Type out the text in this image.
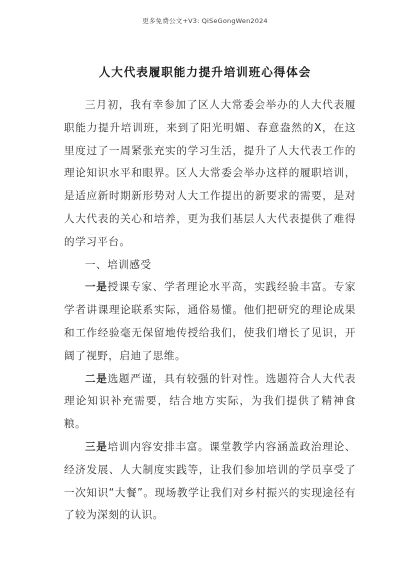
更多免费公文+V3: QiSeGongWen2024
人大代表履职能力提升培训班心得体会

三月初，我有幸参加了区人大常委会举办的人大代表履职能力提升培训班，来到了阳光明媚、春意盎然的X，在这里度过了一周紧张充实的学习生活，提升了人大代表工作的理论知识水平和眼界。区人大常委会举办这样的履职培训，是适应新时期新形势对人大工作提出的新要求的需要，是对人大代表的关心和培养，更为我们基层人大代表提供了难得的学习平台。

一、培训感受

一是授课专家、学者理论水平高，实践经验丰富。专家学者讲课理论联系实际，通俗易懂。他们把研究的理论成果和工作经验毫无保留地传授给我们，使我们增长了见识，开阔了视野，启迪了思维。

二是选题严谨，具有较强的针对性。选题符合人大代表理论知识补充需要，结合地方实际，为我们提供了精神食粮。

三是培训内容安排丰富。课堂教学内容涵盖政治理论、经济发展、人大制度实践等，让我们参加培训的学员享受了一次知识“大餐”。现场教学让我们对乡村振兴的实现途径有了较为深刻的认识。
